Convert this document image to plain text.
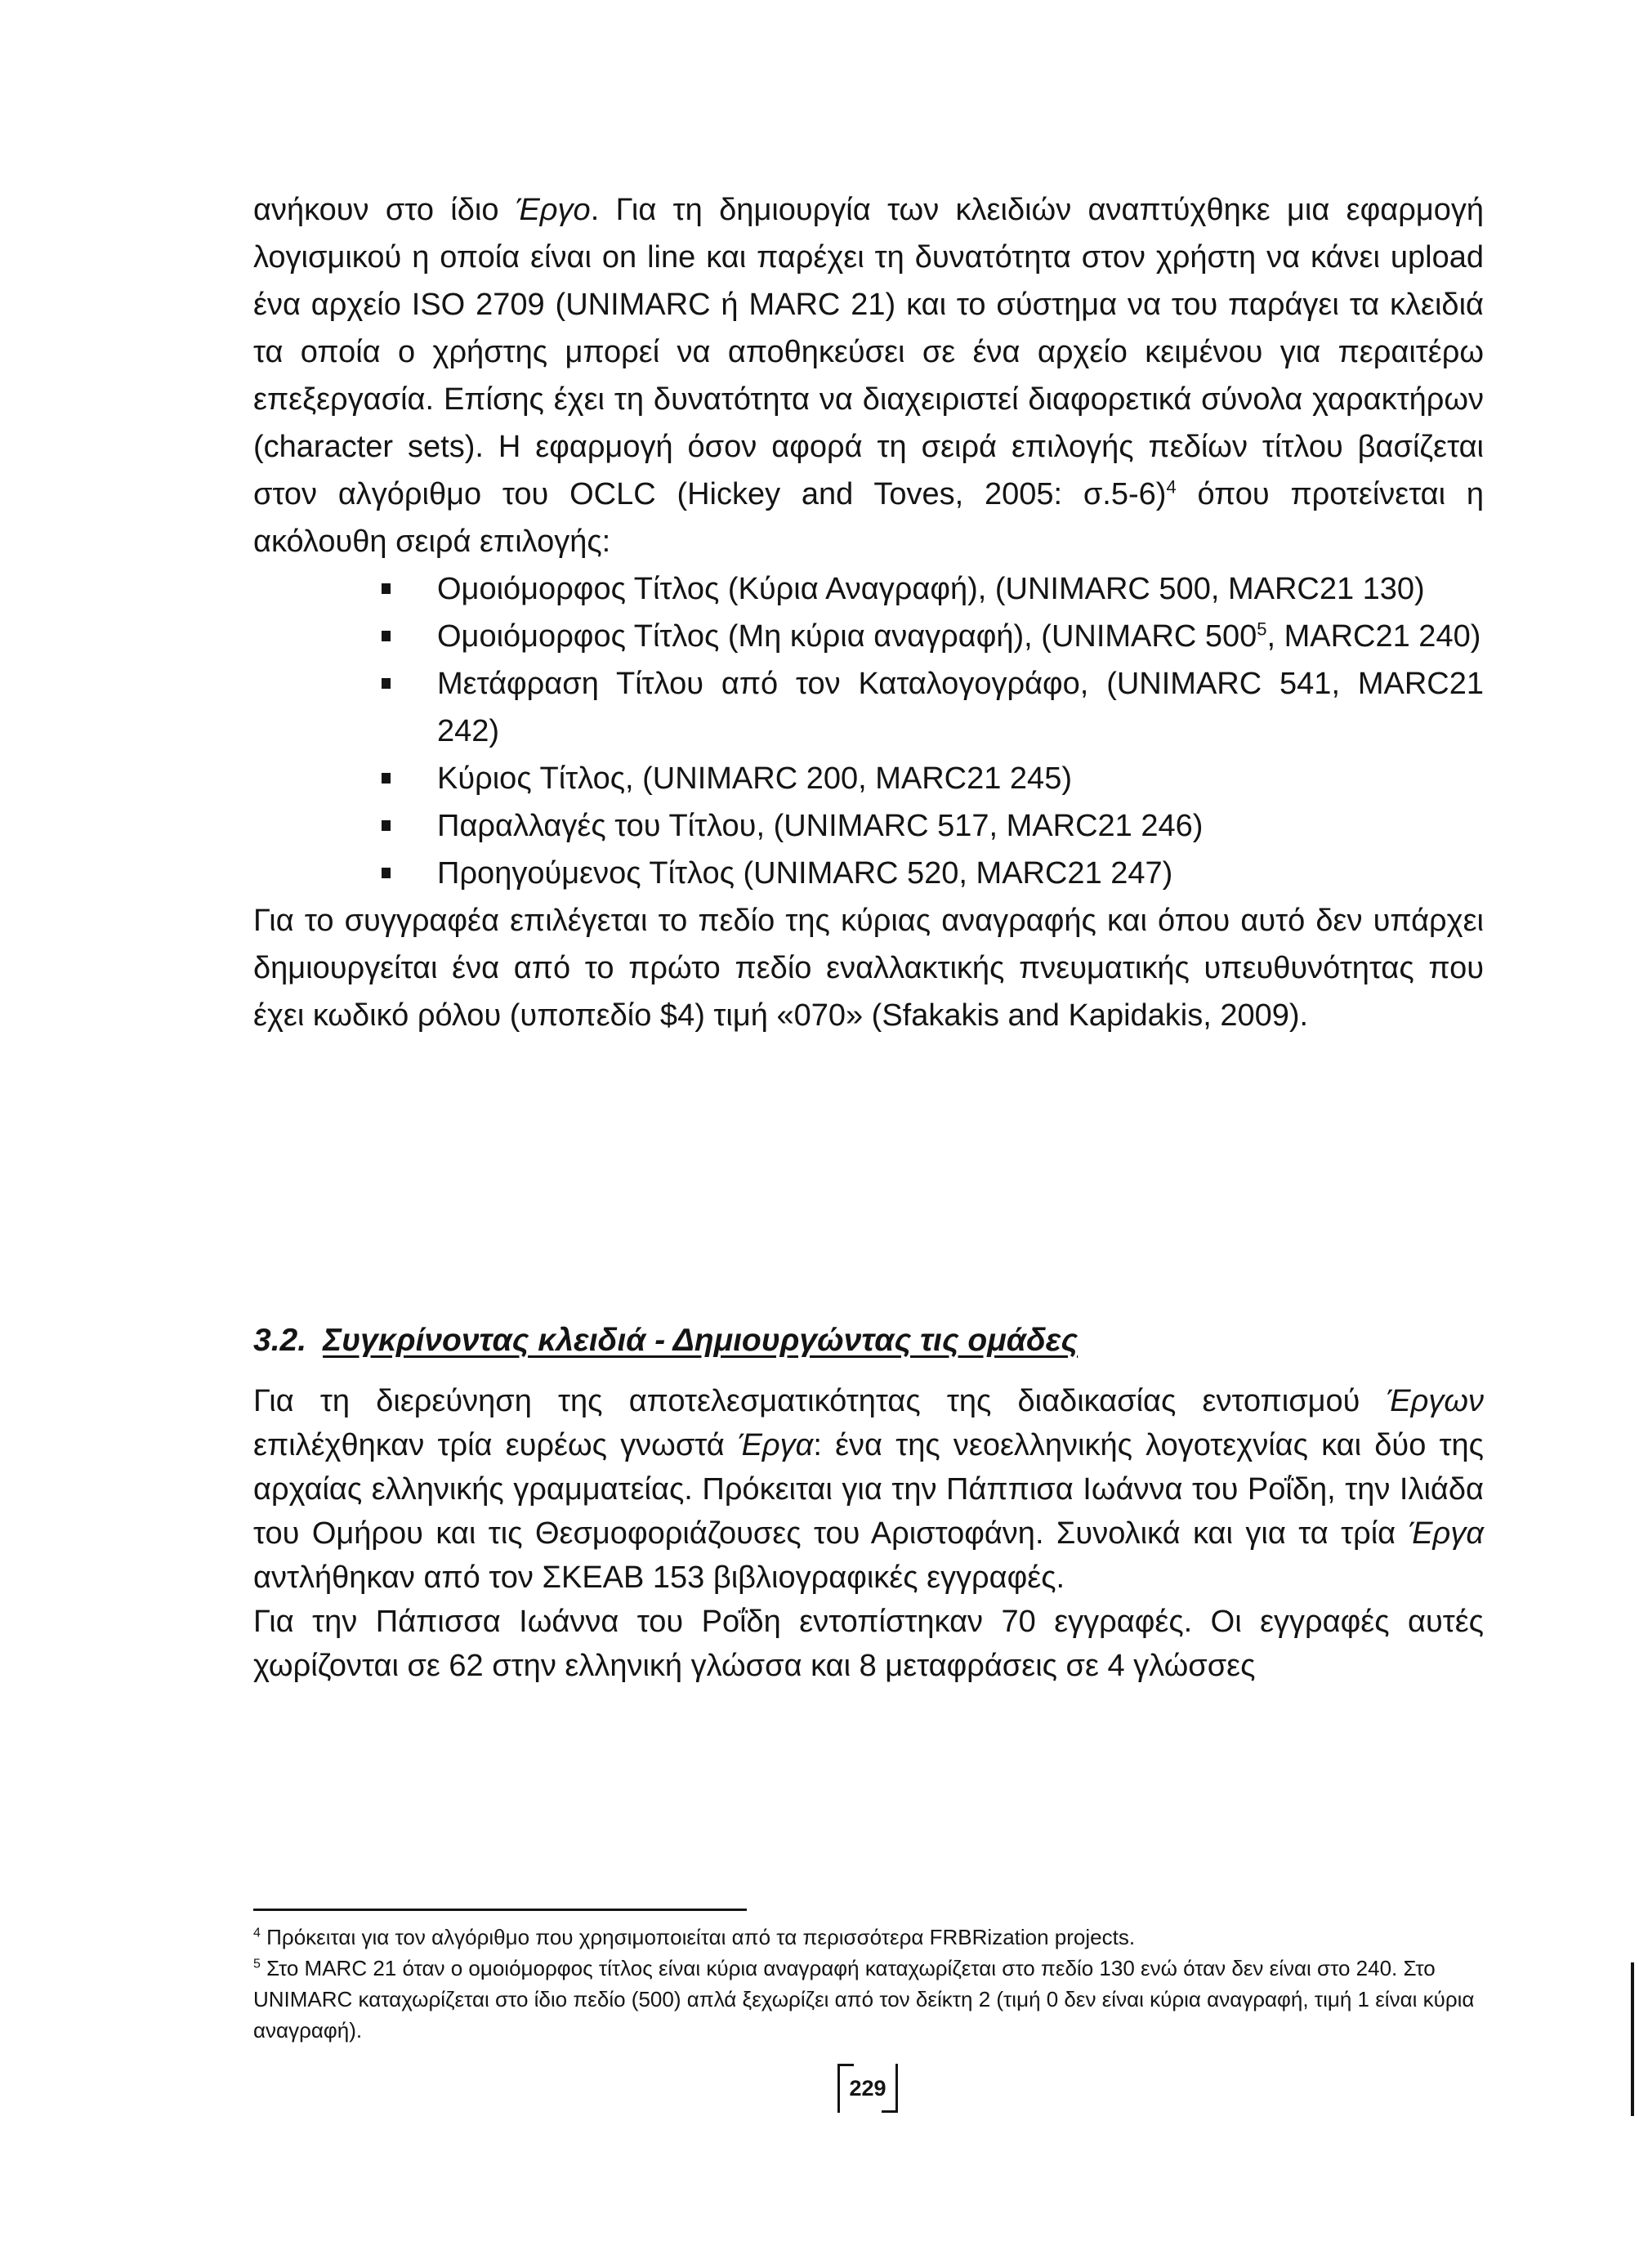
ανήκουν στο ίδιο Έργο. Για τη δημιουργία των κλειδιών αναπτύχθηκε μια εφαρμογή λογισμικού η οποία είναι on line και παρέχει τη δυνατότητα στον χρήστη να κάνει upload ένα αρχείο ISO 2709 (UNIMARC ή MARC 21) και το σύστημα να του παράγει τα κλειδιά τα οποία ο χρήστης μπορεί να αποθηκεύσει σε ένα αρχείο κειμένου για περαιτέρω επεξεργασία. Επίσης έχει τη δυνατότητα να διαχειριστεί διαφορετικά σύνολα χαρακτήρων (character sets). Η εφαρμογή όσον αφορά τη σειρά επιλογής πεδίων τίτλου βασίζεται στον αλγόριθμο του OCLC (Hickey and Toves, 2005: σ.5-6)$^4$ όπου προτείνεται η ακόλουθη σειρά επιλογής:

Ομοιόμορφος Τίτλος (Κύρια Αναγραφή), (UNIMARC 500, MARC21 130)
Ομοιόμορφος Τίτλος (Μη κύρια αναγραφή), (UNIMARC $500^5$, MARC21 240)
Μετάφραση Τίτλου από τον Καταλογογράφο, (UNIMARC 541, MARC21 242)
Κύριος Τίτλος, (UNIMARC 200, MARC21 245)
Παραλλαγές του Τίτλου, (UNIMARC 517, MARC21 246)
Προηγούμενος Τίτλος (UNIMARC 520, MARC21 247)

Για το συγγραφέα επιλέγεται το πεδίο της κύριας αναγραφής και όπου αυτό δεν υπάρχει δημιουργείται ένα από το πρώτο πεδίο εναλλακτικής πνευματικής υπευθυνότητας που έχει κωδικό ρόλου (υποπεδίο $4) τιμή «070» (Sfakakis and Kapidakis, 2009).

3.2. Συγκρίνοντας κλειδιά - Δημιουργώντας τις ομάδες

Για τη διερεύνηση της αποτελεσματικότητας της διαδικασίας εντοπισμού Έργων επιλέχθηκαν τρία ευρέως γνωστά Έργα: ένα της νεοελληνικής λογοτεχνίας και δύο της αρχαίας ελληνικής γραμματείας. Πρόκειται για την Πάππισα Ιωάννα του Ροΐδη, την Ιλιάδα του Ομήρου και τις Θεσμοφοριάζουσες του Αριστοφάνη. Συνολικά και για τα τρία Έργα αντλήθηκαν από τον ΣΚΕΑΒ 153 βιβλιογραφικές εγγραφές.

Για την Πάπισσα Ιωάννα του Ροΐδη εντοπίστηκαν 70 εγγραφές. Οι εγγραφές αυτές χωρίζονται σε 62 στην ελληνική γλώσσα και 8 μεταφράσεις σε 4 γλώσσες

$^4$ Πρόκειται για τον αλγόριθμο που χρησιμοποιείται από τα περισσότερα FRBRization projects.

$^5$ Στο MARC 21 όταν ο ομοιόμορφος τίτλος είναι κύρια αναγραφή καταχωρίζεται στο πεδίο 130 ενώ όταν δεν είναι στο 240. Στο UNIMARC καταχωρίζεται στο ίδιο πεδίο (500) απλά ξεχωρίζει από τον δείκτη 2 (τιμή 0 δεν είναι κύρια αναγραφή, τιμή 1 είναι κύρια αναγραφή).

229
